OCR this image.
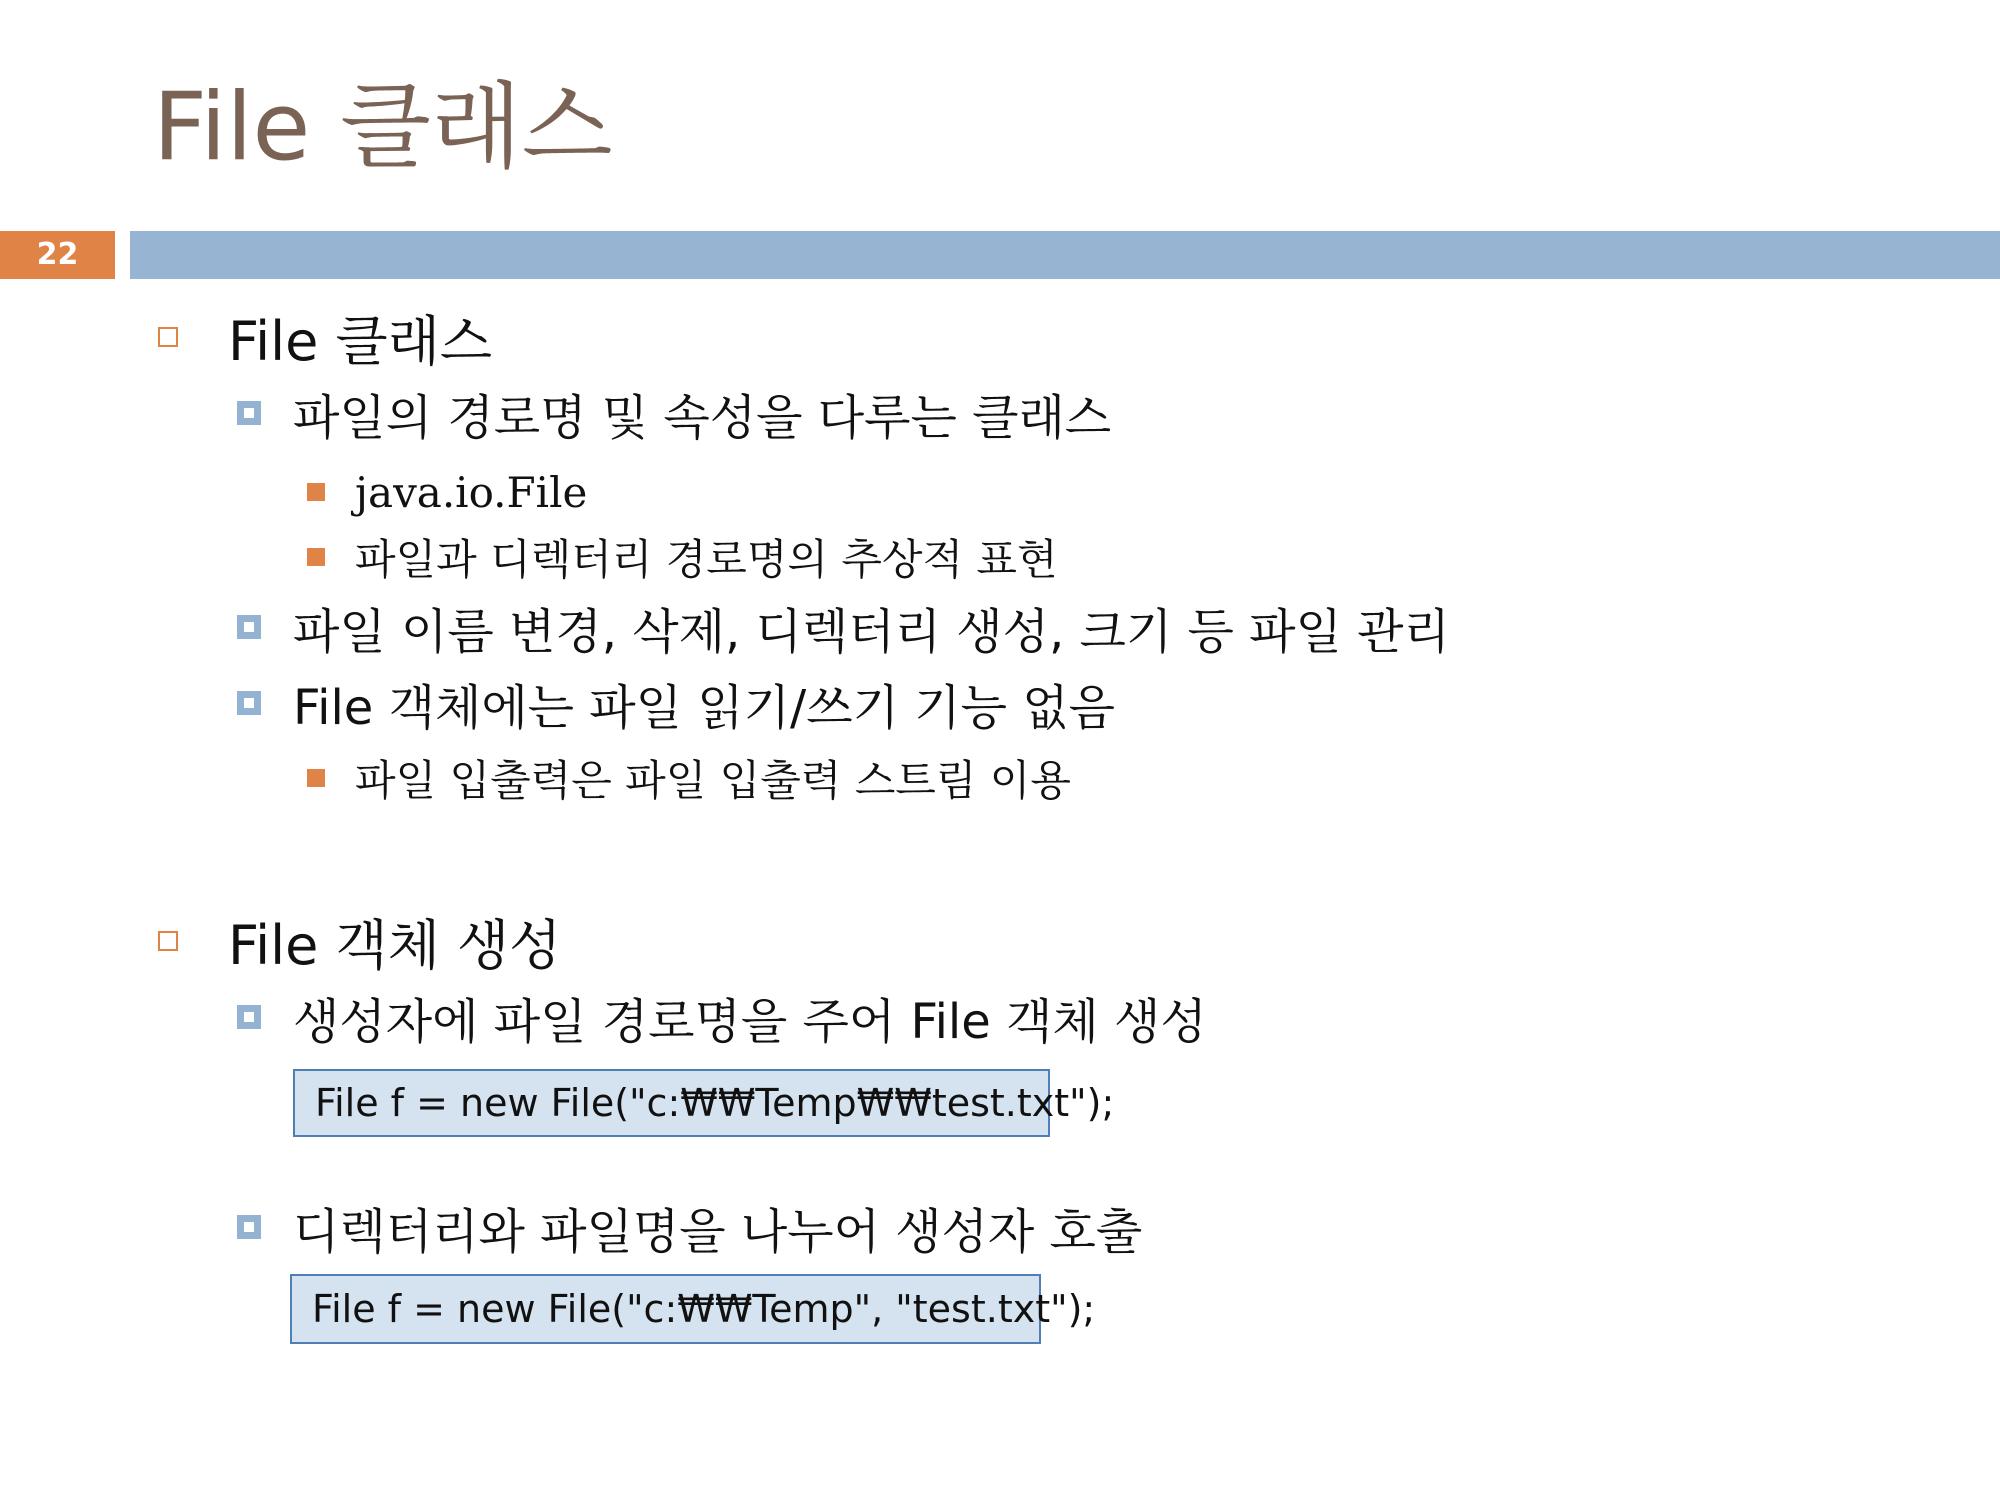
File 클래스
22
File 클래스
파일의 경로명 및 속성을 다루는 클래스
java.io.File
파일과 디렉터리 경로명의 추상적 표현
파일 이름 변경, 삭제, 디렉터리 생성, 크기 등 파일 관리
File 객체에는 파일 읽기/쓰기 기능 없음
파일 입출력은 파일 입출력 스트림 이용
File 객체 생성
생성자에 파일 경로명을 주어 File 객체 생성
File f = new File("c:₩₩Temp₩₩test.txt");
디렉터리와 파일명을 나누어 생성자 호출
File f = new File("c:₩₩Temp", "test.txt");
